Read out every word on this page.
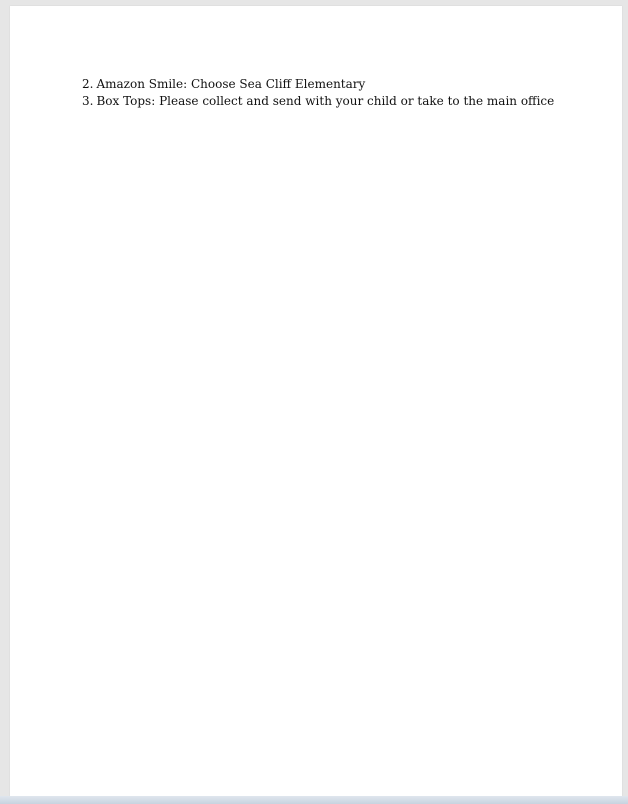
2. Amazon Smile: Choose Sea Cliff Elementary
3. Box Tops: Please collect and send with your child or take to the main office
